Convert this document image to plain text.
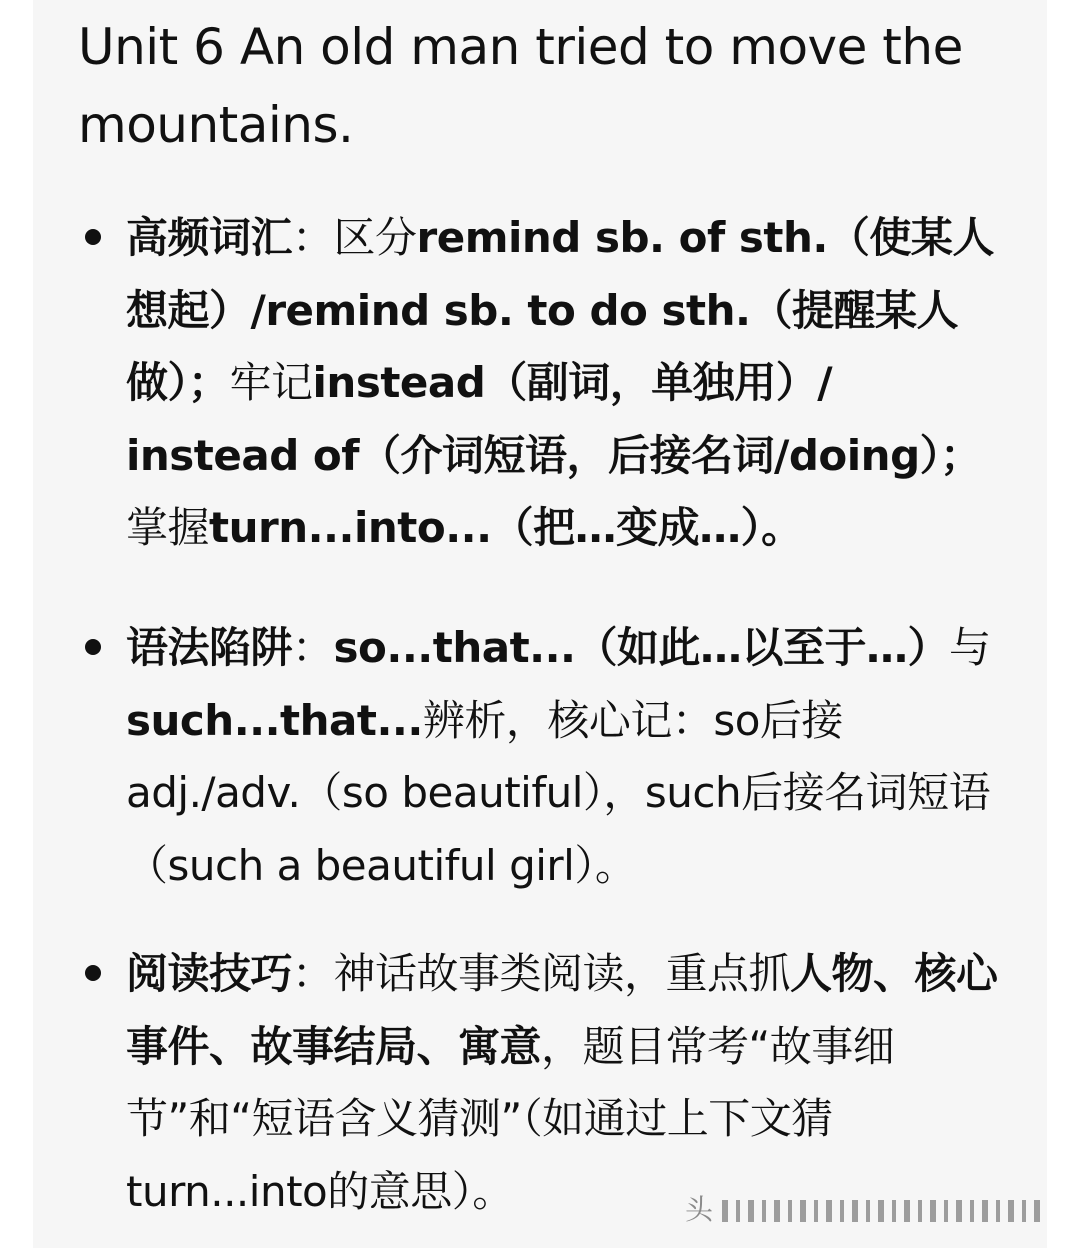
Unit 6 An old man tried to move the mountains.
高频词汇：区分remind sb. of sth.（使某人想起）/remind sb. to do sth.（提醒某人做）；牢记instead（副词，单独用）/ instead of（介词短语，后接名词/doing）；掌握turn...into...（把…变成…）。
语法陷阱：so...that...（如此…以至于…）与such...that...辨析，核心记：so后接 adj./adv.（so beautiful），such后接名词短语（such a beautiful girl）。
阅读技巧：神话故事类阅读，重点抓人物、核心事件、故事结局、寓意，题目常考“故事细节”和“短语含义猜测”（如通过上下文猜turn...into的意思）。	头
